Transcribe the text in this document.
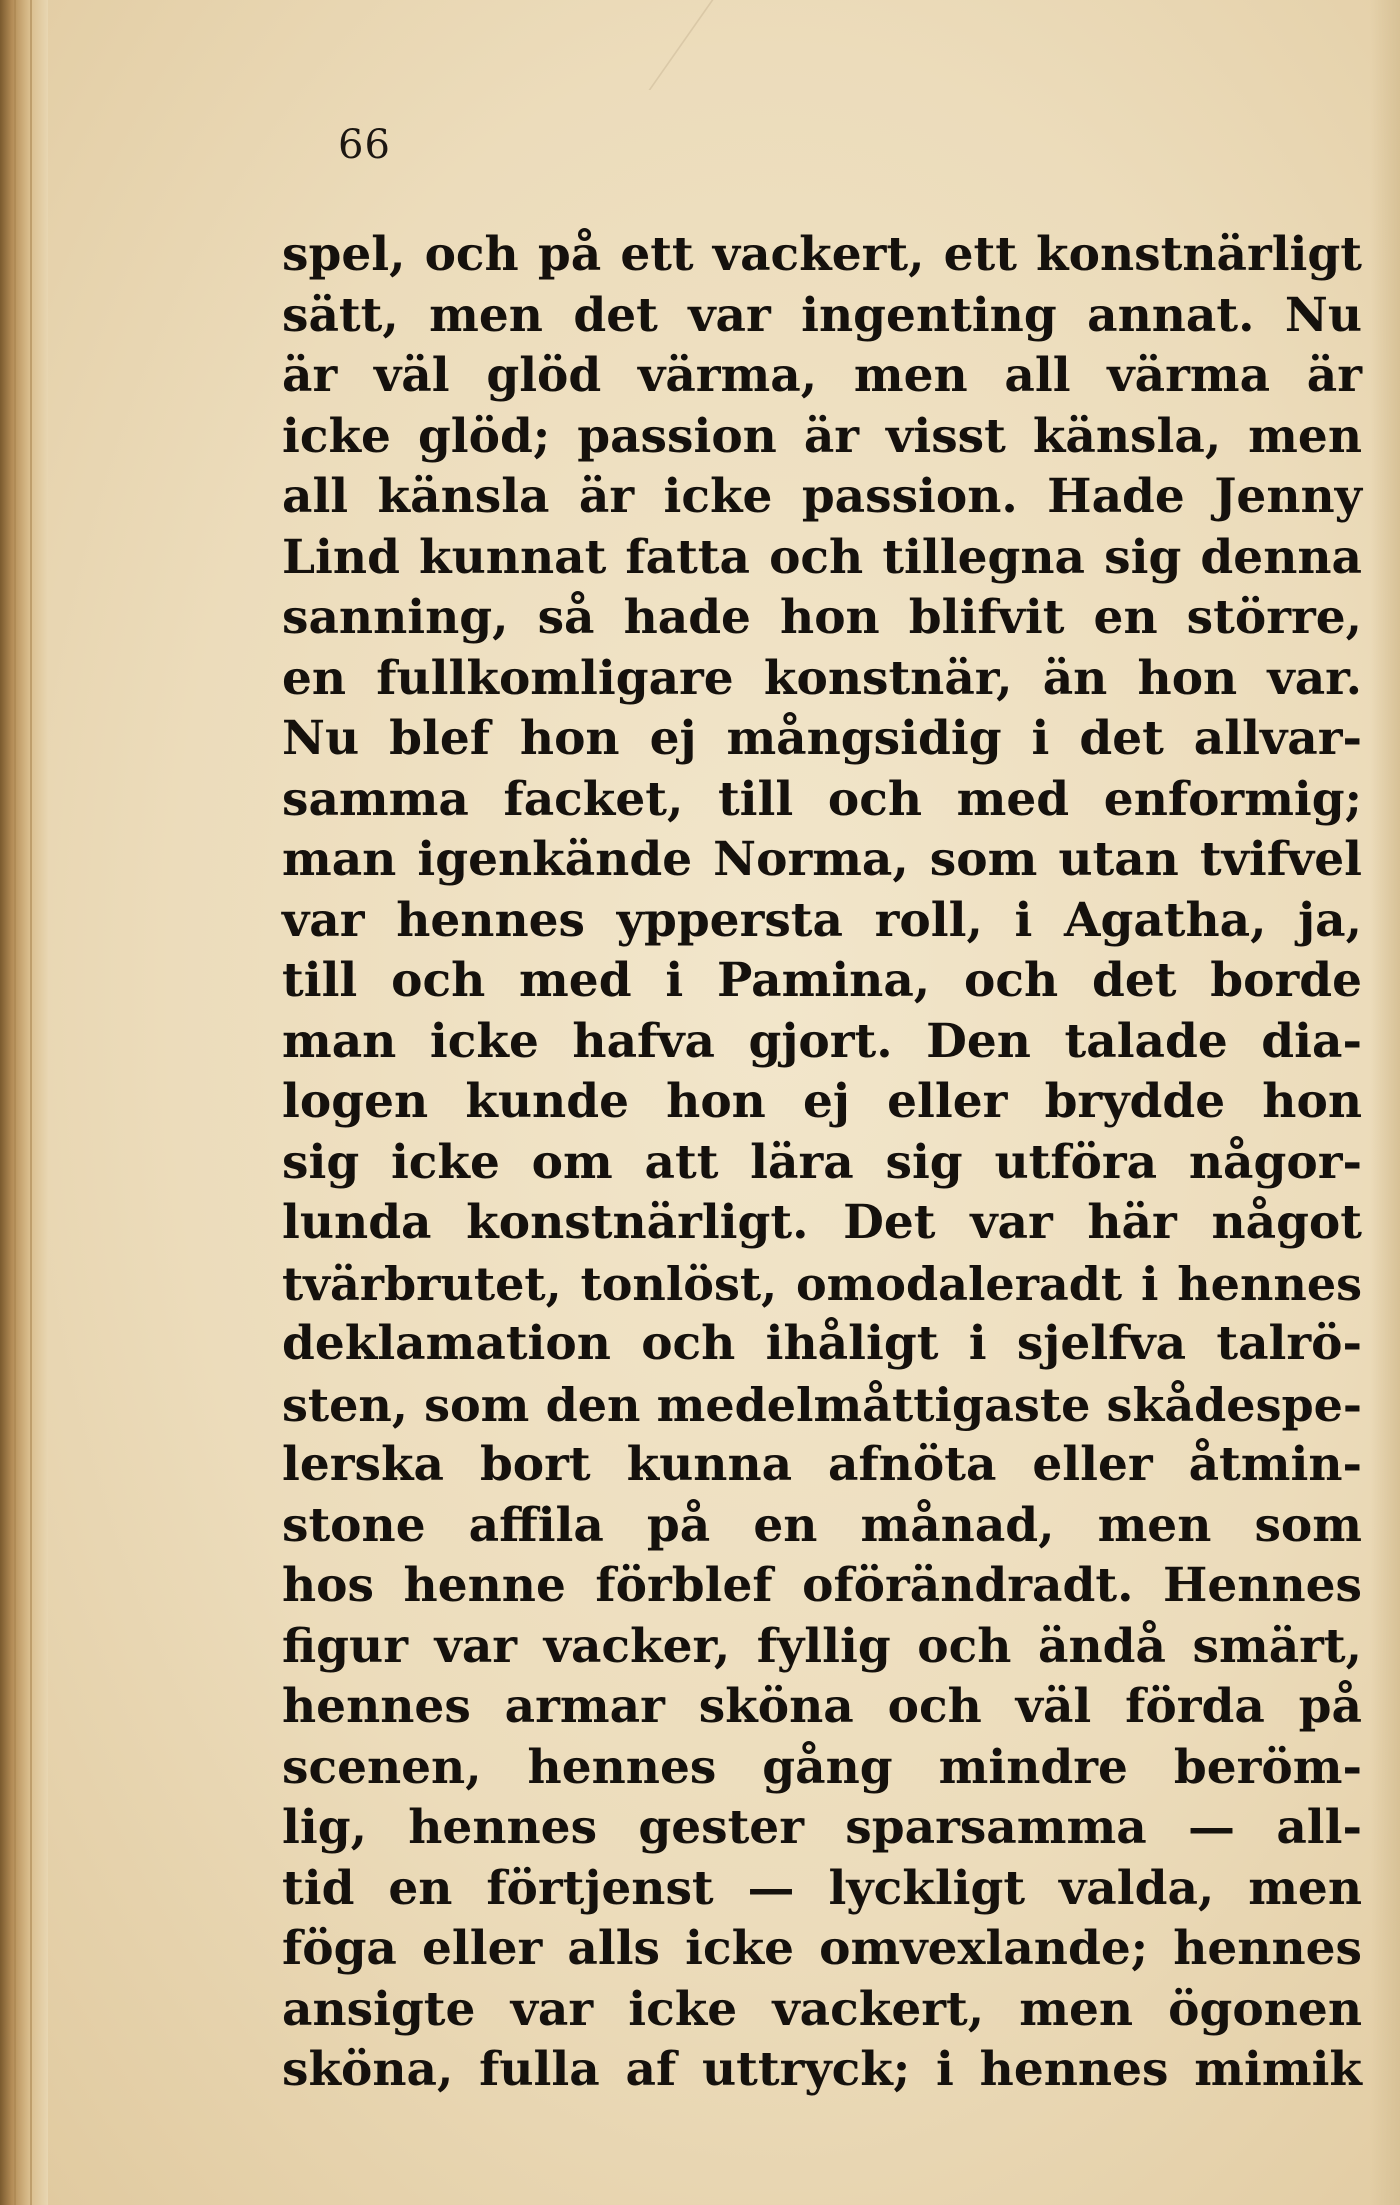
66
spel, och på ett vackert, ett konstnärligt
sätt, men det var ingenting annat. Nu
är väl glöd värma, men all värma är
icke glöd; passion är visst känsla, men
all känsla är icke passion. Hade Jenny
Lind kunnat fatta och tillegna sig denna
sanning, så hade hon blifvit en större,
en fullkomligare konstnär, än hon var.
Nu blef hon ej mångsidig i det allvar-
samma facket, till och med enformig;
man igenkände Norma, som utan tvifvel
var hennes yppersta roll, i Agatha, ja,
till och med i Pamina, och det borde
man icke hafva gjort. Den talade dia-
logen kunde hon ej eller brydde hon
sig icke om att lära sig utföra någor-
lunda konstnärligt. Det var här något
tvärbrutet, tonlöst, omodaleradt i hennes
deklamation och ihåligt i sjelfva talrö-
sten, som den medelmåttigaste skådespe-
lerska bort kunna afnöta eller åtmin-
stone affila på en månad, men som
hos henne förblef oförändradt. Hennes
figur var vacker, fyllig och ändå smärt,
hennes armar sköna och väl förda på
scenen, hennes gång mindre beröm-
lig, hennes gester sparsamma — all-
tid en förtjenst — lyckligt valda, men
föga eller alls icke omvexlande; hennes
ansigte var icke vackert, men ögonen
sköna, fulla af uttryck; i hennes mimik
